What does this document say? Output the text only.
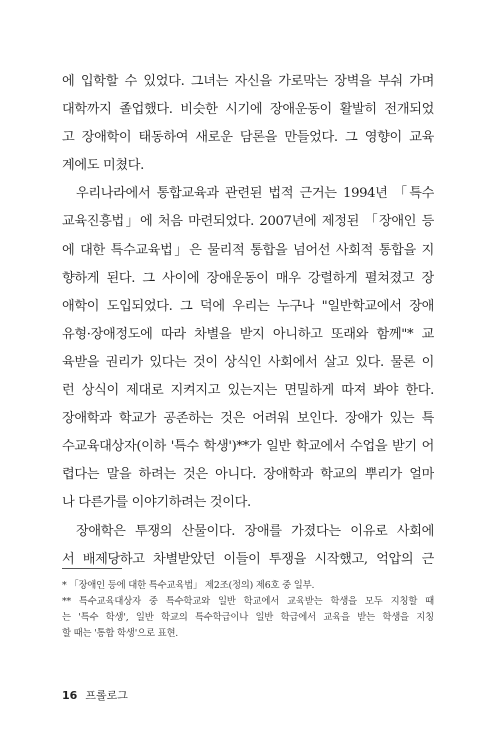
에 입학할 수 있었다. 그녀는 자신을 가로막는 장벽을 부숴 가며
대학까지 졸업했다. 비슷한 시기에 장애운동이 활발히 전개되었
고 장애학이 태동하여 새로운 담론을 만들었다. 그 영향이 교육
계에도 미쳤다.
우리나라에서 통합교육과 관련된 법적 근거는 1994년 「특수
교육진흥법」에 처음 마련되었다. 2007년에 제정된 「장애인 등
에 대한 특수교육법」은 물리적 통합을 넘어선 사회적 통합을 지
향하게 된다. 그 사이에 장애운동이 매우 강렬하게 펼쳐졌고 장
애학이 도입되었다. 그 덕에 우리는 누구나 "일반학교에서 장애
유형·장애정도에 따라 차별을 받지 아니하고 또래와 함께"* 교
육받을 권리가 있다는 것이 상식인 사회에서 살고 있다. 물론 이
런 상식이 제대로 지켜지고 있는지는 면밀하게 따져 봐야 한다.
장애학과 학교가 공존하는 것은 어려워 보인다. 장애가 있는 특
수교육대상자(이하 '특수 학생')**가 일반 학교에서 수업을 받기 어
렵다는 말을 하려는 것은 아니다. 장애학과 학교의 뿌리가 얼마
나 다른가를 이야기하려는 것이다.
장애학은 투쟁의 산물이다. 장애를 가졌다는 이유로 사회에
서 배제당하고 차별받았던 이들이 투쟁을 시작했고, 억압의 근
* 「장애인 등에 대한 특수교육법」 제2조(정의) 제6호 중 일부.
** 특수교육대상자 중 특수학교와 일반 학교에서 교육받는 학생을 모두 지칭할 때
는 '특수 학생', 일반 학교의 특수학급이나 일반 학급에서 교육을 받는 학생을 지칭
할 때는 '통합 학생'으로 표현.
16 프롤로그
